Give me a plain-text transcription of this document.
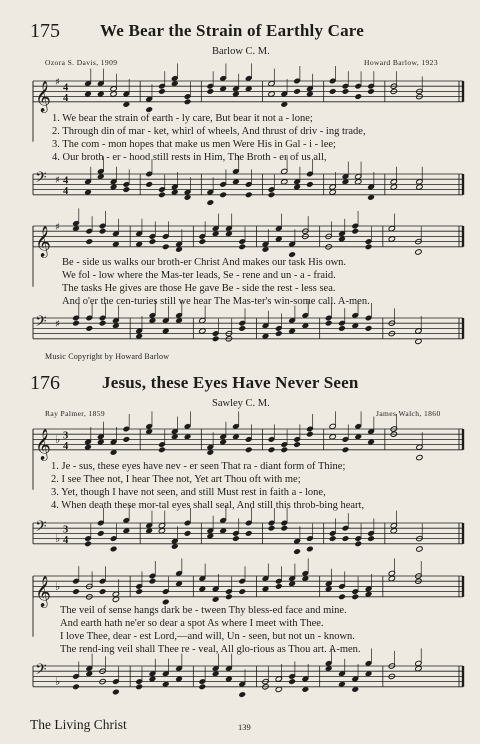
175 We Bear the Strain of Earthly Care
Barlow C. M.
Ozora S. Davis, 1909	Howard Barlow, 1923
𝄞 ♯ 4
4
1. We bear the strain of earth - ly care, But bear it not a - lone;
2. Through din of mar - ket, whirl of wheels, And thrust of driv - ing trade,
3. The com - mon hopes that make us men Were His in Gal - i - lee;
4. Our broth - er - hood still rests in Him, The Broth - er of us all,
𝄢 ♯ 4
4
𝄞 ♯
Be - side us walks our broth-er Christ And makes our task His own.
We fol - low where the Mas-ter leads, Se - rene and un - a - fraid.
The tasks He gives are those He gave Be - side the rest - less sea.
And o'er the cen-turies still we hear The Mas-ter's win-some call. A-men.
𝄢 ♯
Music Copyright by Howard Barlow
176 Jesus, these Eyes Have Never Seen
Sawley C. M.
Ray Palmer, 1859	James Walch, 1860
𝄞 ♭ 3
4
1. Je - sus, these eyes have nev - er seen That ra - diant form of Thine;
2. I see Thee not, I hear Thee not, Yet art Thou oft with me;
3. Yet, though I have not seen, and still Must rest in faith a - lone,
4. When death these mor-tal eyes shall seal, And still this throb-bing heart,
𝄢 ♭
3
4
𝄞 ♭
The veil of sense hangs dark be - tween Thy bless-ed face and mine.
And earth hath ne'er so dear a spot As where I meet with Thee.
I love Thee, dear - est Lord,—and will, Un - seen, but not un - known.
The rend-ing veil shall Thee re - veal, All glo-rious as Thou art. A-men.
𝄢 ♭
The Living Christ	139
